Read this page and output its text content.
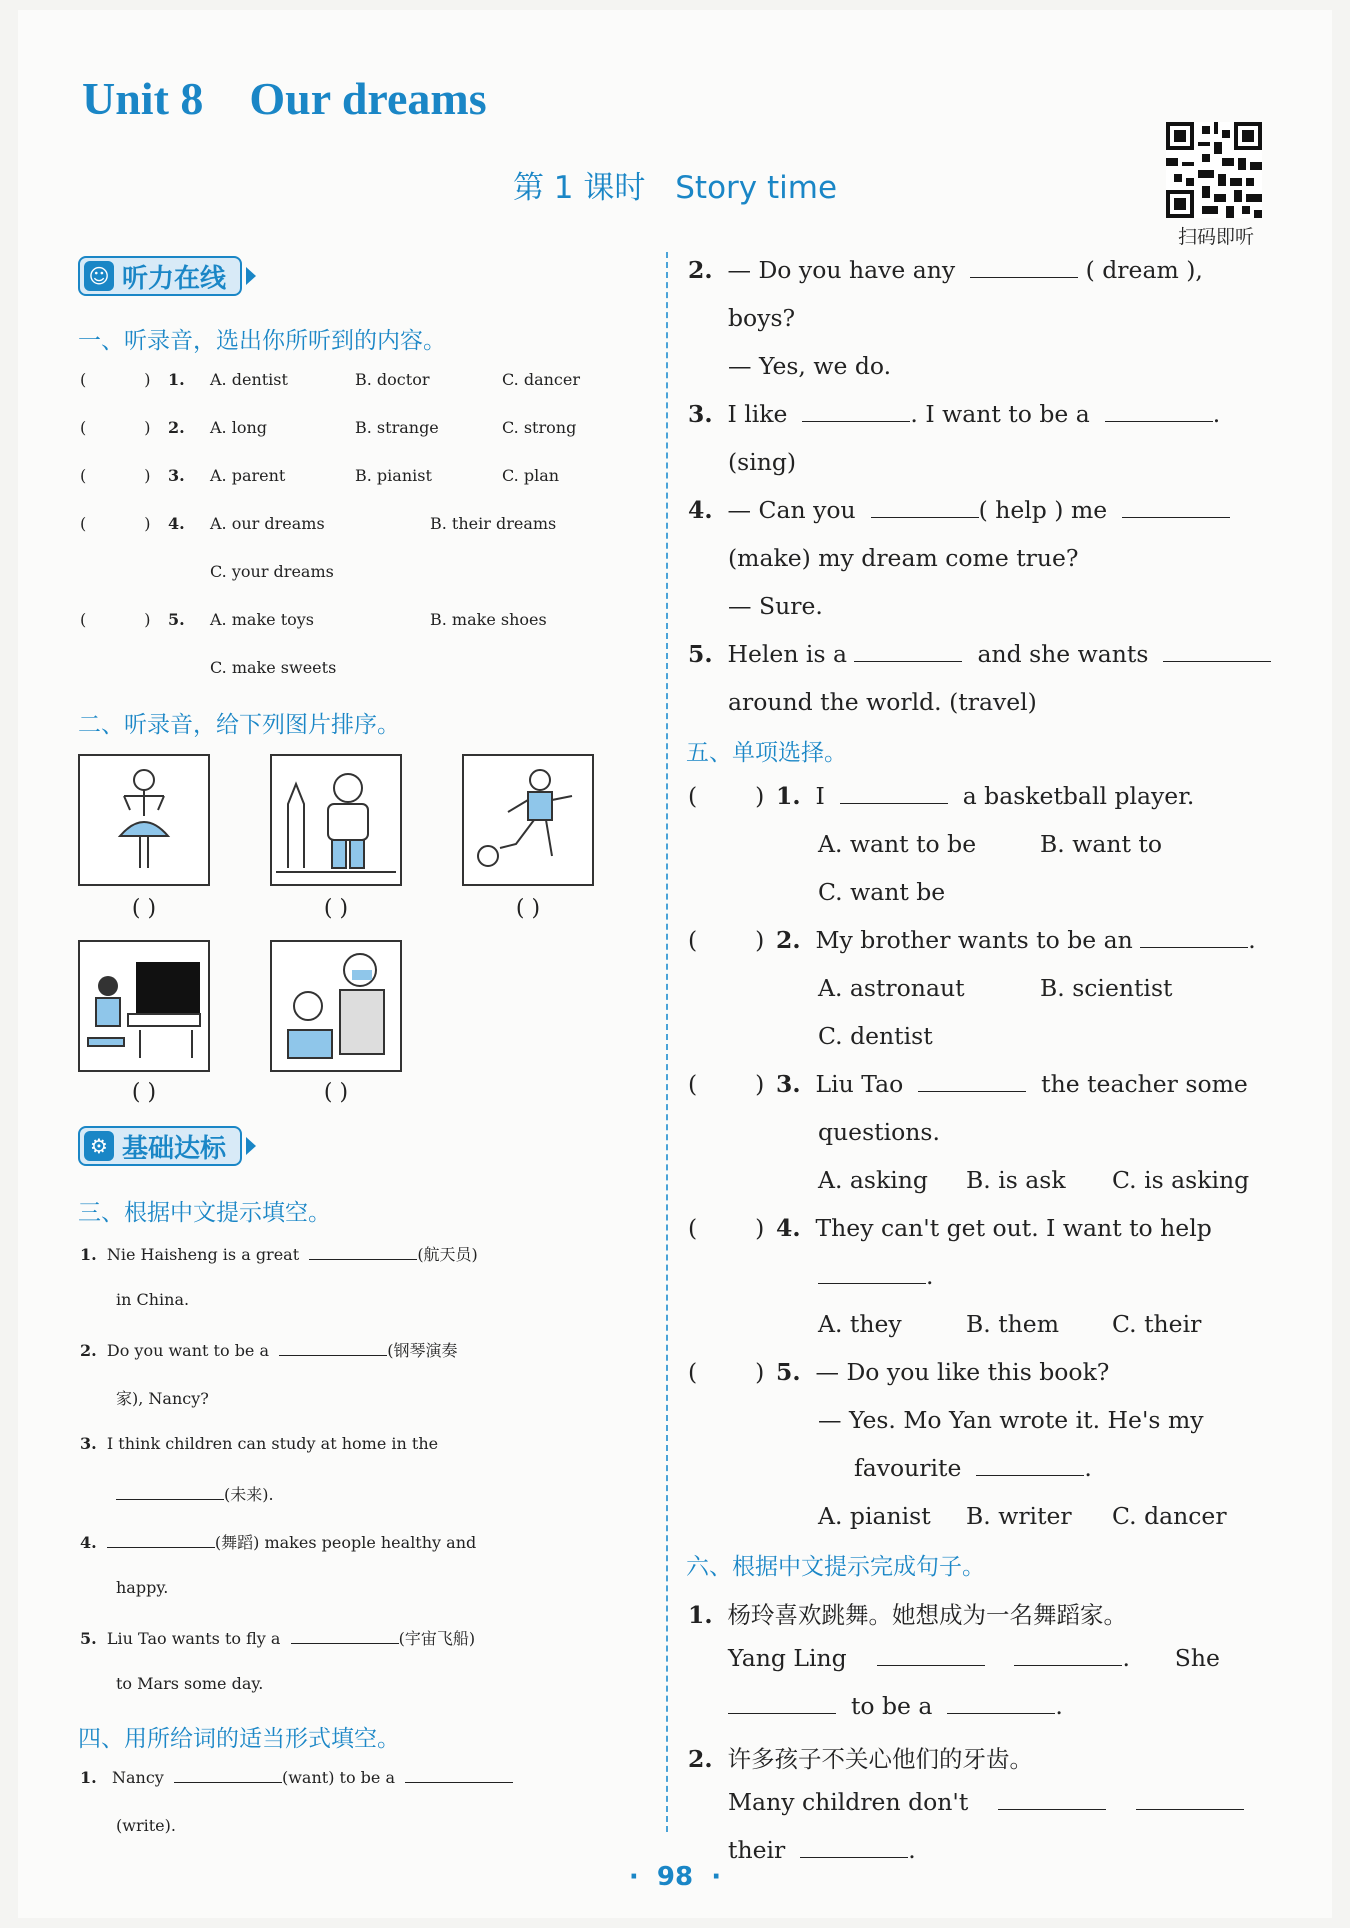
Unit 8    Our dreams
第 1 课时 Story time
扫码即听
☺ 听力在线
一、听录音，选出你所听到的内容。
(	) 1. A. dentist	B. doctor	C. dancer
(	) 2. A. long	B. strange	C. strong
(	) 3. A. parent	B. pianist	C. plan
(	) 4. A. our dreams	B. their dreams
C. your dreams
(	) 5. A. make toys	B. make shoes
C. make sweets
二、听录音，给下列图片排序。
( )	( )	( )
( )	( )
⚙ 基础达标
三、根据中文提示填空。
1. Nie Haisheng is a great	(航天员)
in China.
2. Do you want to be a	(钢琴演奏
家), Nancy?
3. I think children can study at home in the
(未来).
4.	(舞蹈) makes people healthy and
happy.
5. Liu Tao wants to fly a	(宇宙飞船)
to Mars some day.
四、用所给词的适当形式填空。
1. Nancy	(want) to be a
(write).
2. — Do you have any	( dream ),
boys?
— Yes, we do.
3. I like	. I want to be a	.
(sing)
4. — Can you	( help ) me
(make) my dream come true?
— Sure.
5. Helen is a	and she wants
around the world. (travel)
五、单项选择。
( ) 1. I	a basketball player.
A. want to be	B. want to
C. want be
( ) 2. My brother wants to be an	.
A. astronaut	B. scientist
C. dentist
( ) 3. Liu Tao	the teacher some
questions.
A. asking B. is ask C. is asking
( ) 4. They can't get out. I want to help
.
A. they	B. them C. their
( ) 5. — Do you like this book?
— Yes. Mo Yan wrote it. He's my
favourite	.
A. pianist B. writer C. dancer
六、根据中文提示完成句子。
1. 杨玲喜欢跳舞。她想成为一名舞蹈家。
Yang Ling	. She
to be a	.
2. 许多孩子不关心他们的牙齿。
Many children don't
their	.
·  98  ·
